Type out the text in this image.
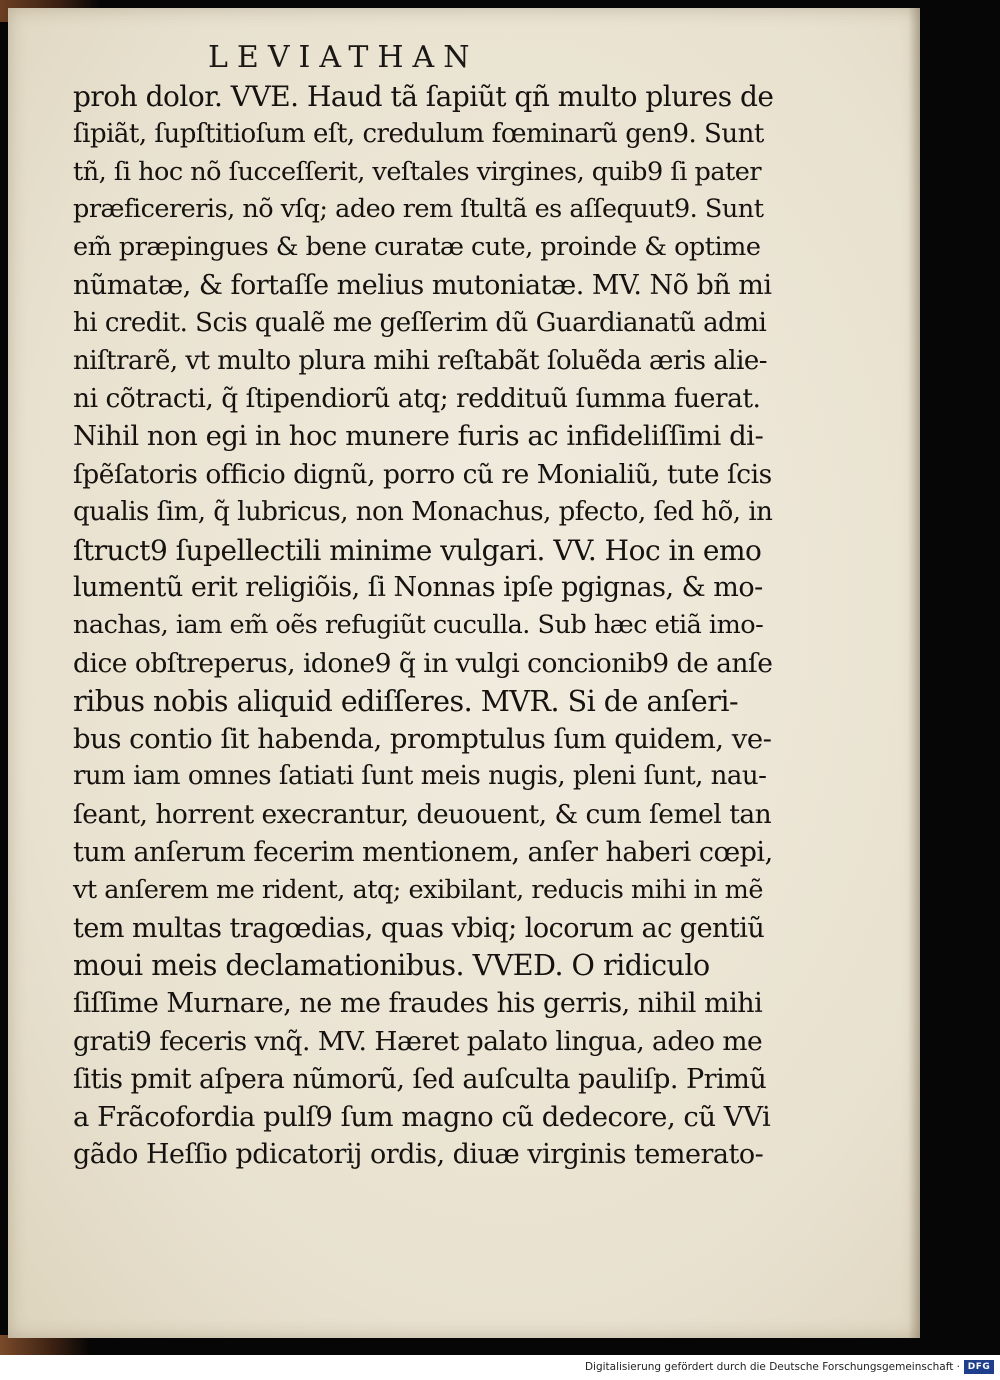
LEVIATHAN
proh dolor. VVE. Haud tã ſapiũt qñ multo plures de
ſipiãt, ſupſtitioſum eſt, credulum fœminarũ gen9. Sunt
tñ, ſi hoc nõ ſucceſſerit, veſtales virgines, quib9 ſi pater
præficereris, nõ vſq; adeo rem ſtultã es aſſequut9. Sunt
em̃ præpingues & bene curatæ cute, proinde & optime
nũmatæ, & fortaſſe melius mutoniatæ. MV. Nõ bñ mi
hi credit. Scis qualẽ me geſſerim dũ Guardianatũ admi
niſtrarẽ, vt multo plura mihi reſtabãt ſoluẽda æris alie-
ni cõtracti, q̃ ſtipendiorũ atq; reddituũ ſumma fuerat.
Nihil non egi in hoc munere furis ac infideliſſimi di-
ſpẽſatoris officio dignũ, porro cũ re Monialiũ, tute ſcis
qualis ſim, q̃ lubricus, non Monachus, pfecto, ſed hõ, in
ſtruct9 ſupellectili minime vulgari. VV. Hoc in emo
lumentũ erit religiõis, ſi Nonnas ipſe pgignas, & mo-
nachas, iam em̃ oẽs refugiũt cuculla. Sub hæc etiã imo-
dice obſtreperus, idone9 q̃ in vulgi concionib9 de anſe
ribus nobis aliquid ediſſeres. MVR. Si de anſeri-
bus contio ſit habenda, promptulus ſum quidem, ve-
rum iam omnes ſatiati ſunt meis nugis, pleni ſunt, nau-
ſeant, horrent execrantur, deuouent, & cum ſemel tan
tum anſerum fecerim mentionem, anſer haberi cœpi,
vt anſerem me rident, atq; exibilant, reducis mihi in mẽ
tem multas tragœdias, quas vbiq; locorum ac gentiũ
moui meis declamationibus. VVED. O ridiculo
ſiſſime Murnare, ne me fraudes his gerris, nihil mihi
grati9 feceris vnq̃. MV. Hæret palato lingua, adeo me
ſitis pmit aſpera nũmorũ, ſed auſculta pauliſp. Primũ
a Frãcofordia pulſ9 ſum magno cũ dedecore, cũ VVi
gãdo Heſſio pdicatorij ordis, diuæ virginis temerato-
Digitalisierung gefördert durch die Deutsche Forschungsgemeinschaft · DFG
